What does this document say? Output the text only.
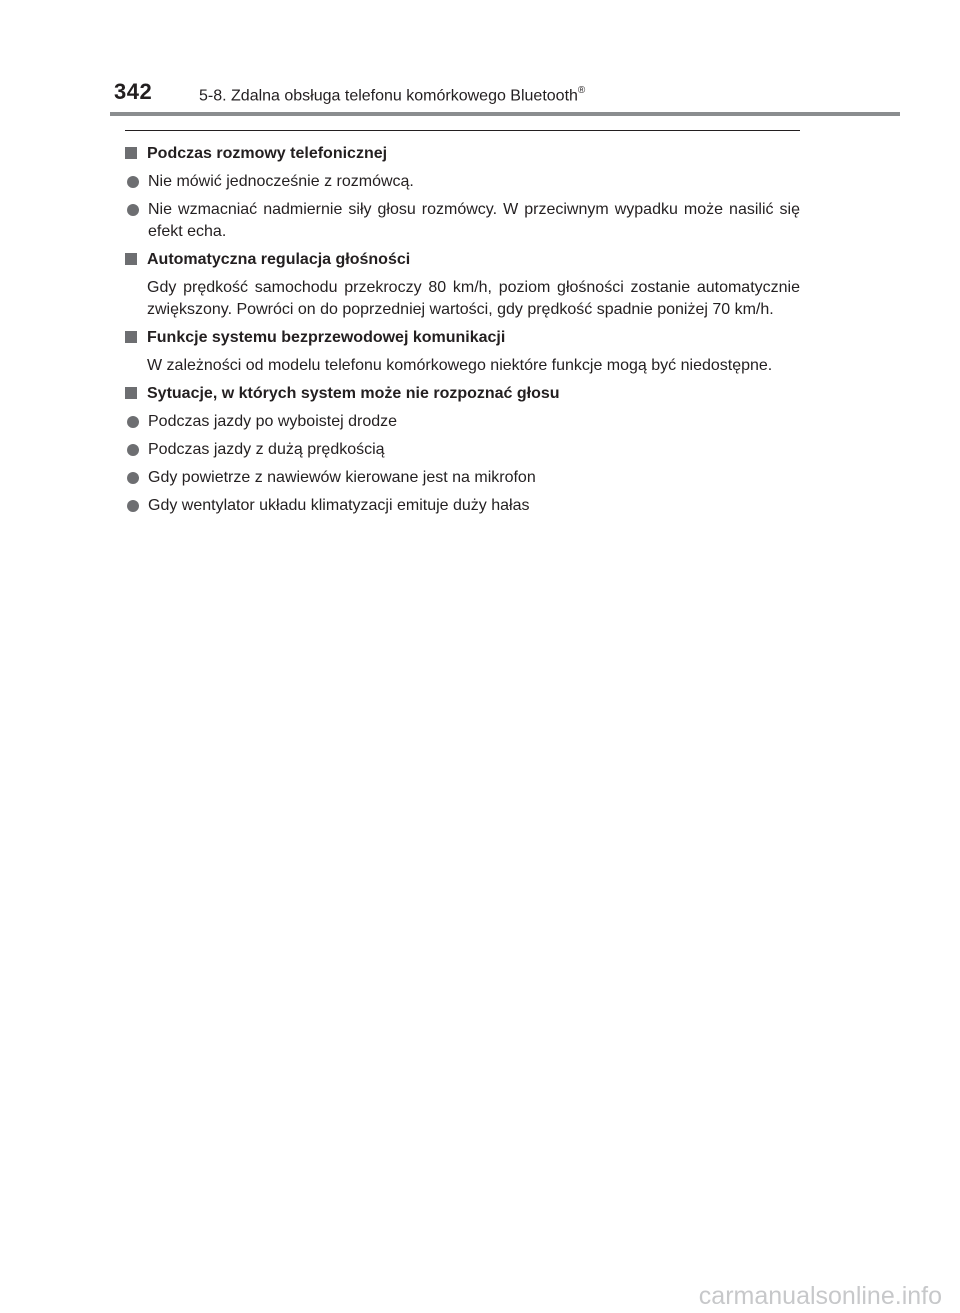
342	5-8. Zdalna obsługa telefonu komórkowego Bluetooth®
Podczas rozmowy telefonicznej
Nie mówić jednocześnie z rozmówcą.
Nie wzmacniać nadmiernie siły głosu rozmówcy. W przeciwnym wypadku może nasilić się efekt echa.
Automatyczna regulacja głośności
Gdy prędkość samochodu przekroczy 80 km/h, poziom głośności zostanie automatycznie zwiększony. Powróci on do poprzedniej wartości, gdy prędkość spadnie poniżej 70 km/h.
Funkcje systemu bezprzewodowej komunikacji
W zależności od modelu telefonu komórkowego niektóre funkcje mogą być niedostępne.
Sytuacje, w których system może nie rozpoznać głosu
Podczas jazdy po wyboistej drodze
Podczas jazdy z dużą prędkością
Gdy powietrze z nawiewów kierowane jest na mikrofon
Gdy wentylator układu klimatyzacji emituje duży hałas
carmanualsonline.info
